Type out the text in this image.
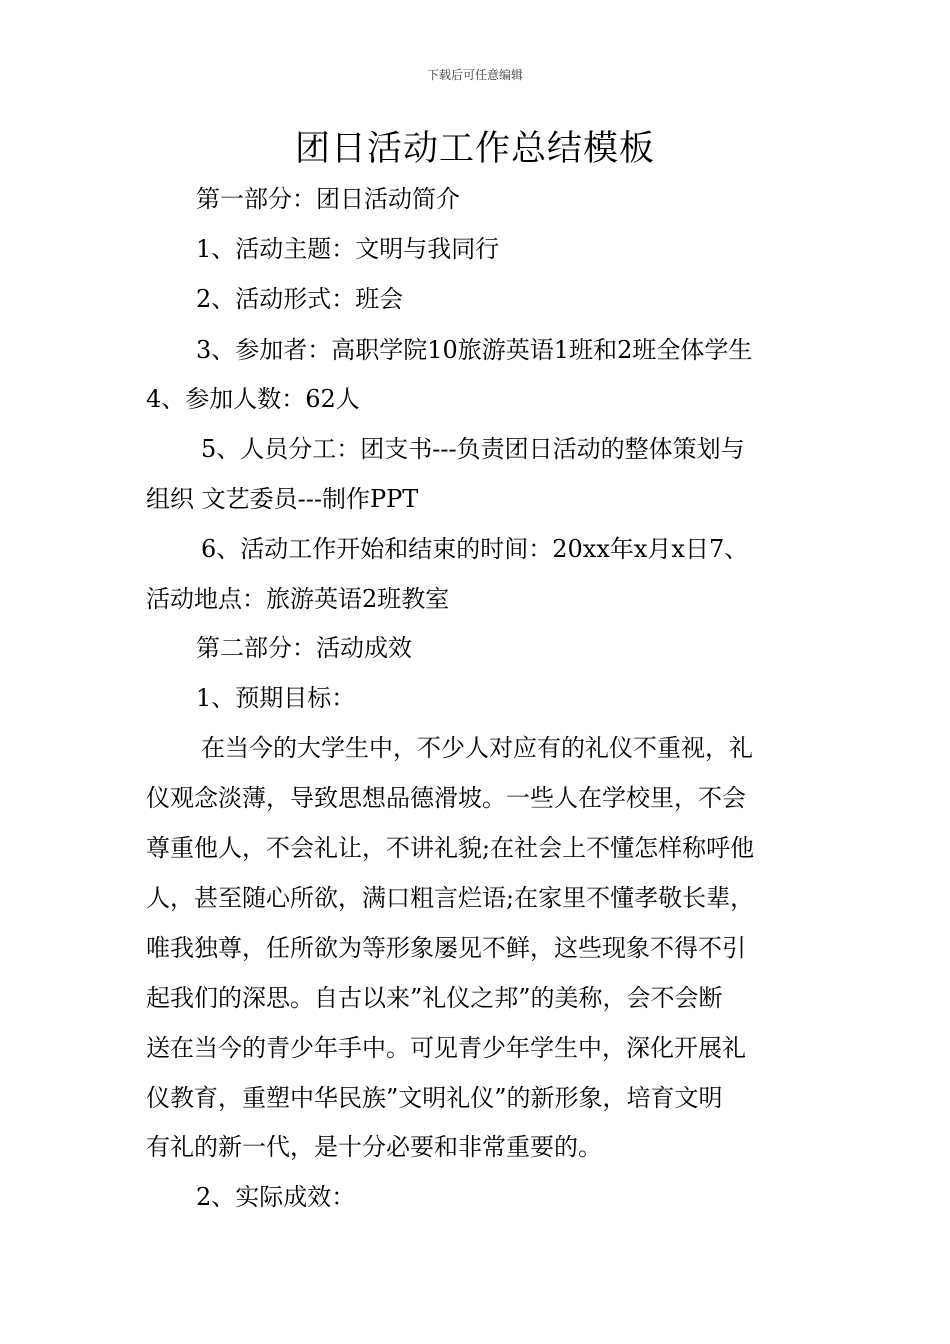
下载后可任意编辑
团日活动工作总结模板
第一部分：团日活动简介
1、活动主题：文明与我同行
2、活动形式：班会
3、参加者：高职学院10旅游英语1班和2班全体学生
4、参加人数：62人
5、人员分工：团支书---负责团日活动的整体策划与
组织 文艺委员---制作PPT
6、活动工作开始和结束的时间：20xx年x月x日7、
活动地点：旅游英语2班教室
第二部分：活动成效
1、预期目标：
在当今的大学生中，不少人对应有的礼仪不重视，礼
仪观念淡薄，导致思想品德滑坡。一些人在学校里，不会
尊重他人，不会礼让，不讲礼貌;在社会上不懂怎样称呼他
人，甚至随心所欲，满口粗言烂语;在家里不懂孝敬长辈，
唯我独尊，任所欲为等形象屡见不鲜，这些现象不得不引
起我们的深思。自古以来”礼仪之邦”的美称，会不会断
送在当今的青少年手中。可见青少年学生中，深化开展礼
仪教育，重塑中华民族”文明礼仪”的新形象，培育文明
有礼的新一代，是十分必要和非常重要的。
2、实际成效：
